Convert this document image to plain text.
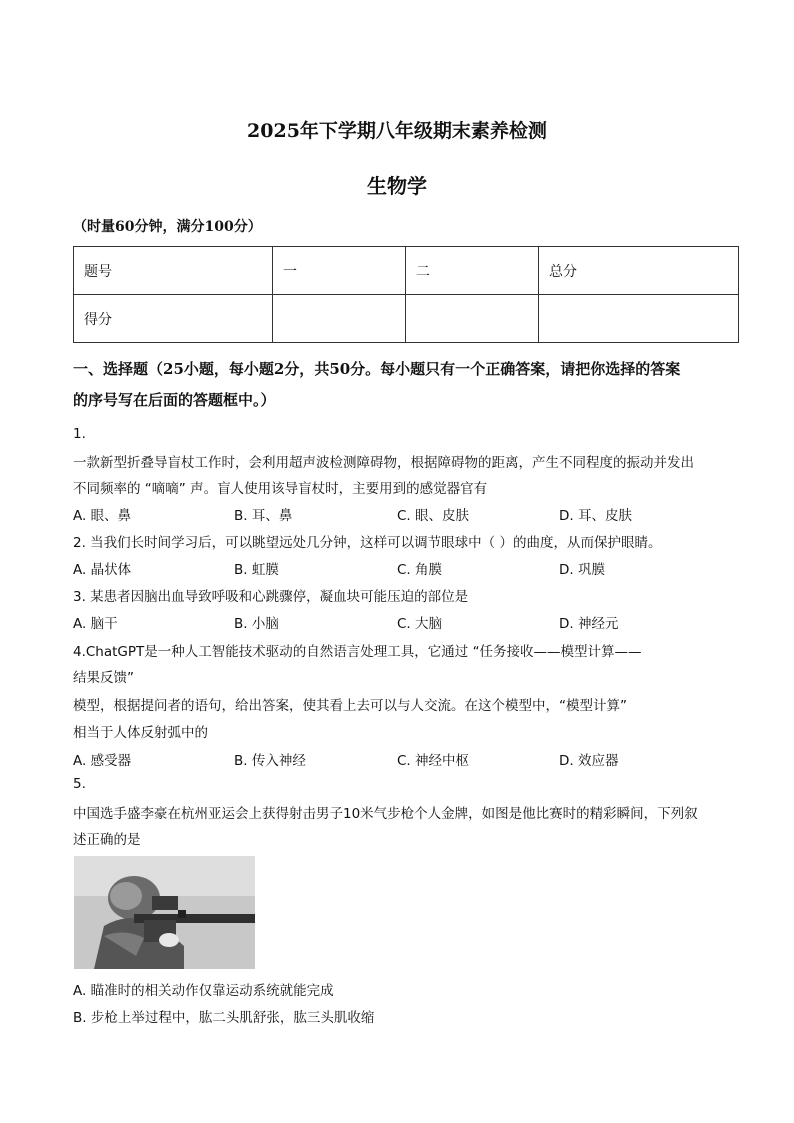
2025年下学期八年级期末素养检测
生物学
（时量60分钟，满分100分）
题号	一	二	总分
得分			
一、选择题（25小题，每小题2分，共50分。每小题只有一个正确答案，请把你选择的答案
的序号写在后面的答题框中。）
1.
一款新型折叠导盲杖工作时，会利用超声波检测障碍物，根据障碍物的距离，产生不同程度的振动并发出
不同频率的 “嘀嘀” 声。盲人使用该导盲杖时，主要用到的感觉器官有
A. 眼、鼻	B. 耳、鼻	C. 眼、皮肤	D. 耳、皮肤
2. 当我们长时间学习后，可以眺望远处几分钟，这样可以调节眼球中（ ）的曲度，从而保护眼睛。
A. 晶状体	B. 虹膜	C. 角膜	D. 巩膜
3. 某患者因脑出血导致呼吸和心跳骤停，凝血块可能压迫的部位是
A. 脑干	B. 小脑	C. 大脑	D. 神经元
4.ChatGPT是一种人工智能技术驱动的自然语言处理工具，它通过 “任务接收——模型计算——
结果反馈”
模型，根据提问者的语句，给出答案，使其看上去可以与人交流。在这个模型中，“模型计算”
相当于人体反射弧中的
A. 感受器	B. 传入神经	C. 神经中枢	D. 效应器
5.
中国选手盛李豪在杭州亚运会上获得射击男子10米气步枪个人金牌，如图是他比赛时的精彩瞬间，下列叙
述正确的是
A. 瞄准时的相关动作仅靠运动系统就能完成
B. 步枪上举过程中，肱二头肌舒张，肱三头肌收缩
